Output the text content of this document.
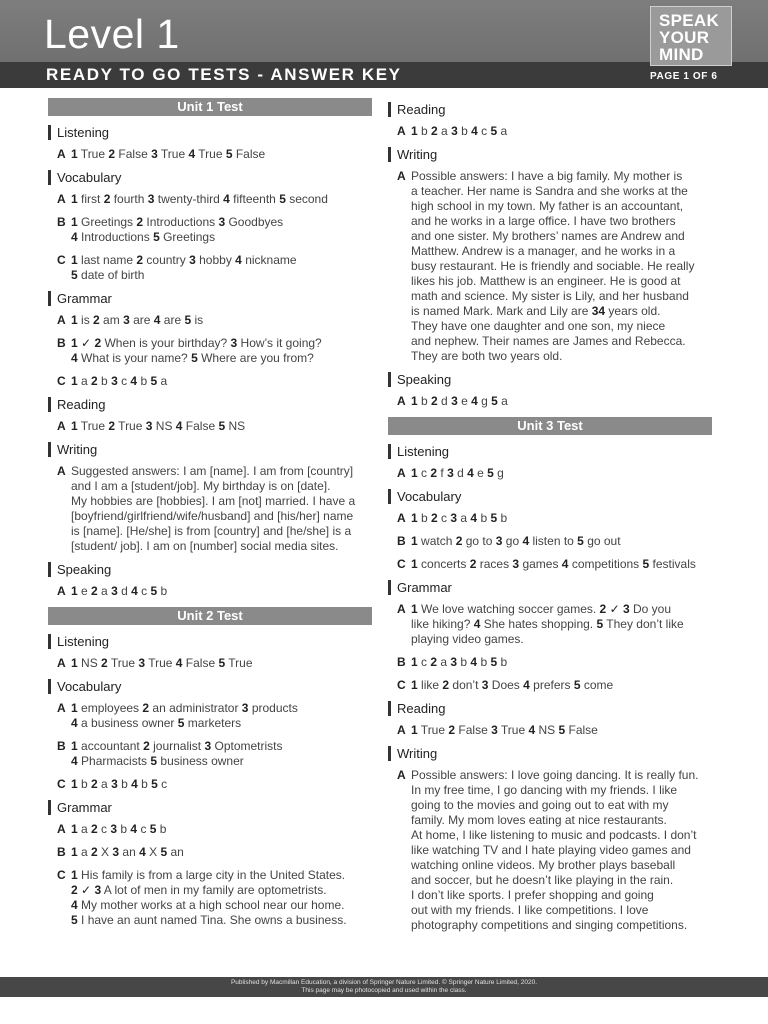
Level 1
READY TO GO TESTS - ANSWER KEY	PAGE 1 OF 6
SPEAK
YOUR
MIND
Unit 1 Test
Listening
A 1 True 2 False 3 True 4 True 5 False
Vocabulary
A 1 first 2 fourth 3 twenty-third 4 fifteenth 5 second
B 1 Greetings 2 Introductions 3 Goodbyes
4 Introductions 5 Greetings
C 1 last name 2 country 3 hobby 4 nickname
5 date of birth
Grammar
A 1 is 2 am 3 are 4 are 5 is
B 1 ✓ 2 When is your birthday? 3 How’s it going?
4 What is your name? 5 Where are you from?
C 1 a 2 b 3 c 4 b 5 a
Reading
A 1 True 2 True 3 NS 4 False 5 NS
Writing
A Suggested answers: I am [name]. I am from [country]
and I am a [student/job]. My birthday is on [date].
My hobbies are [hobbies]. I am [not] married. I have a
[boyfriend/girlfriend/wife/husband] and [his/her] name
is [name]. [He/she] is from [country] and [he/she] is a
[student/ job]. I am on [number] social media sites.
Speaking
A 1 e 2 a 3 d 4 c 5 b
Unit 2 Test
Listening
A 1 NS 2 True 3 True 4 False 5 True
Vocabulary
A 1 employees 2 an administrator 3 products
4 a business owner 5 marketers
B 1 accountant 2 journalist 3 Optometrists
4 Pharmacists 5 business owner
C 1 b 2 a 3 b 4 b 5 c
Grammar
A 1 a 2 c 3 b 4 c 5 b
B 1 a 2 X 3 an 4 X 5 an
C 1 His family is from a large city in the United States.
2 ✓ 3 A lot of men in my family are optometrists.
4 My mother works at a high school near our home.
5 I have an aunt named Tina. She owns a business.
Reading
A 1 b 2 a 3 b 4 c 5 a
Writing
A Possible answers: I have a big family. My mother is
a teacher. Her name is Sandra and she works at the
high school in my town. My father is an accountant,
and he works in a large office. I have two brothers
and one sister. My brothers’ names are Andrew and
Matthew. Andrew is a manager, and he works in a
busy restaurant. He is friendly and sociable. He really
likes his job. Matthew is an engineer. He is good at
math and science. My sister is Lily, and her husband
is named Mark. Mark and Lily are 34 years old.
They have one daughter and one son, my niece
and nephew. Their names are James and Rebecca.
They are both two years old.
Speaking
A 1 b 2 d 3 e 4 g 5 a
Unit 3 Test
Listening
A 1 c 2 f 3 d 4 e 5 g
Vocabulary
A 1 b 2 c 3 a 4 b 5 b
B 1 watch 2 go to 3 go 4 listen to 5 go out
C 1 concerts 2 races 3 games 4 competitions 5 festivals
Grammar
A 1 We love watching soccer games. 2 ✓ 3 Do you
like hiking? 4 She hates shopping. 5 They don’t like
playing video games.
B 1 c 2 a 3 b 4 b 5 b
C 1 like 2 don’t 3 Does 4 prefers 5 come
Reading
A 1 True 2 False 3 True 4 NS 5 False
Writing
A Possible answers: I love going dancing. It is really fun.
In my free time, I go dancing with my friends. I like
going to the movies and going out to eat with my
family. My mom loves eating at nice restaurants.
At home, I like listening to music and podcasts. I don’t
like watching TV and I hate playing video games and
watching online videos. My brother plays baseball
and soccer, but he doesn’t like playing in the rain.
I don’t like sports. I prefer shopping and going
out with my friends. I like competitions. I love
photography competitions and singing competitions.
Published by Macmillan Education, a division of Springer Nature Limited. © Springer Nature Limited, 2020.
This page may be photocopied and used within the class.
